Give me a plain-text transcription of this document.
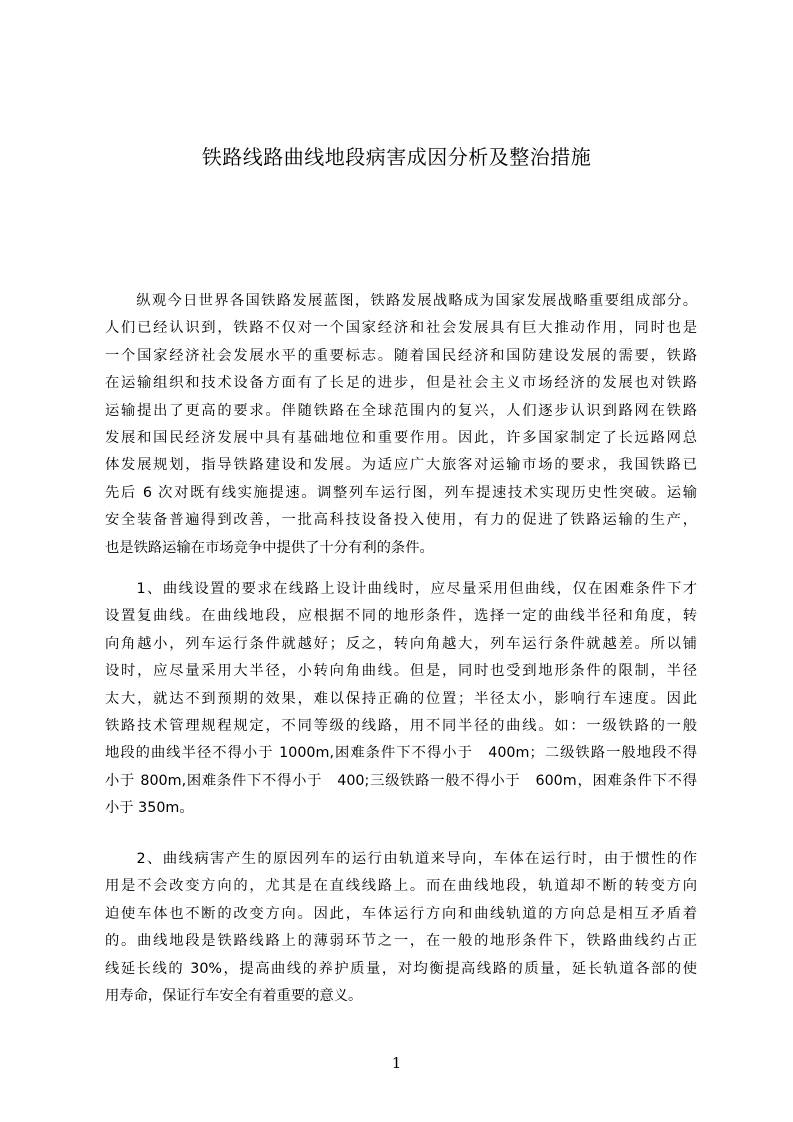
铁路线路曲线地段病害成因分析及整治措施
　　纵观今日世界各国铁路发展蓝图，铁路发展战略成为国家发展战略重要组成部分。
人们已经认识到，铁路不仅对一个国家经济和社会发展具有巨大推动作用，同时也是
一个国家经济社会发展水平的重要标志。随着国民经济和国防建设发展的需要，铁路
在运输组织和技术设备方面有了长足的进步，但是社会主义市场经济的发展也对铁路
运输提出了更高的要求。伴随铁路在全球范围内的复兴，人们逐步认识到路网在铁路
发展和国民经济发展中具有基础地位和重要作用。因此，许多国家制定了长远路网总
体发展规划，指导铁路建设和发展。为适应广大旅客对运输市场的要求，我国铁路已
先后 6 次对既有线实施提速。调整列车运行图，列车提速技术实现历史性突破。运输
安全装备普遍得到改善，一批高科技设备投入使用，有力的促进了铁路运输的生产，
也是铁路运输在市场竞争中提供了十分有利的条件。
　　1、曲线设置的要求在线路上设计曲线时，应尽量采用但曲线，仅在困难条件下才
设置复曲线。在曲线地段，应根据不同的地形条件，选择一定的曲线半径和角度，转
向角越小，列车运行条件就越好；反之，转向角越大，列车运行条件就越差。所以铺
设时，应尽量采用大半径，小转向角曲线。但是，同时也受到地形条件的限制，半径
太大，就达不到预期的效果，难以保持正确的位置；半径太小，影响行车速度。因此
铁路技术管理规程规定，不同等级的线路，用不同半径的曲线。如：一级铁路的一般
地段的曲线半径不得小于 1000m,困难条件下不得小于　400m；二级铁路一般地段不得
小于 800m,困难条件下不得小于　400;三级铁路一般不得小于　600m，困难条件下不得
小于 350m。
　　2、曲线病害产生的原因列车的运行由轨道来导向，车体在运行时，由于惯性的作
用是不会改变方向的，尤其是在直线线路上。而在曲线地段，轨道却不断的转变方向
迫使车体也不断的改变方向。因此，车体运行方向和曲线轨道的方向总是相互矛盾着
的。曲线地段是铁路线路上的薄弱环节之一，在一般的地形条件下，铁路曲线约占正
线延长线的 30%，提高曲线的养护质量，对均衡提高线路的质量，延长轨道各部的使
用寿命，保证行车安全有着重要的意义。
1
